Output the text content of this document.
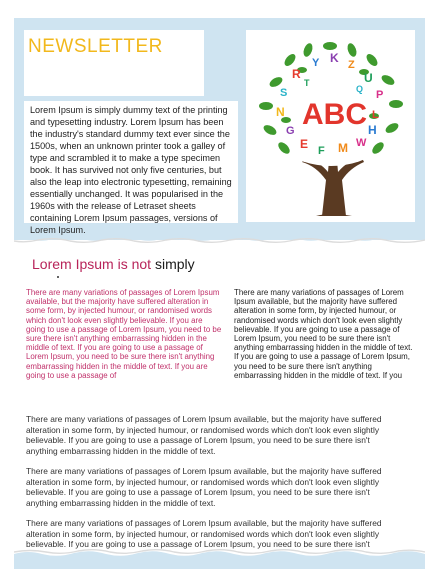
NEWSLETTER
Lorem Ipsum is simply dummy text of the printing and typesetting industry. Lorem Ipsum has been the industry's standard dummy text ever since the 1500s, when an unknown printer took a galley of type and scrambled it to make a type specimen book. It has survived not only five centuries, but also the leap into electronic typesetting, remaining essentially unchanged. It was popularised in the 1960s with the release of Letraset sheets containing Lorem Ipsum passages, versions of Lorem Ipsum.
R
Y K Z
U
P
S
N	L
H
G
E F M W
T
Q
ABC
Lorem Ipsum is not simply
There are many variations of passages of Lorem Ipsum available, but the majority have suffered alteration in some form, by injected humour, or randomised words which don't look even slightly believable. If you are going to use a passage of Lorem Ipsum, you need to be sure there isn't anything embarrassing hidden in the middle of text. If you are going to use a passage of Lorem Ipsum, you need to be sure there isn't anything embarrassing hidden in the middle of text. If you are going to use a passage of
There are many variations of passages of Lorem Ipsum available, but the majority have suffered alteration in some form, by injected humour, or randomised words which don't look even slightly believable. If you are going to use a passage of Lorem Ipsum, you need to be sure there isn't anything embarrassing hidden in the middle of text. If you are going to use a passage of Lorem Ipsum, you need to be sure there isn't anything embarrassing hidden in the middle of text. If you
There are many variations of passages of Lorem Ipsum available, but the majority have suffered alteration in some form, by injected humour, or randomised words which don't look even slightly believable. If you are going to use a passage of Lorem Ipsum, you need to be sure there isn't anything embarrassing hidden in the middle of text.
There are many variations of passages of Lorem Ipsum available, but the majority have suffered alteration in some form, by injected humour, or randomised words which don't look even slightly believable. If you are going to use a passage of Lorem Ipsum, you need to be sure there isn't anything embarrassing hidden in the middle of text.
There are many variations of passages of Lorem Ipsum available, but the majority have suffered alteration in some form, by injected humour, or randomised words which don't look even slightly believable. If you are going to use a passage of Lorem Ipsum, you need to be sure there isn't
